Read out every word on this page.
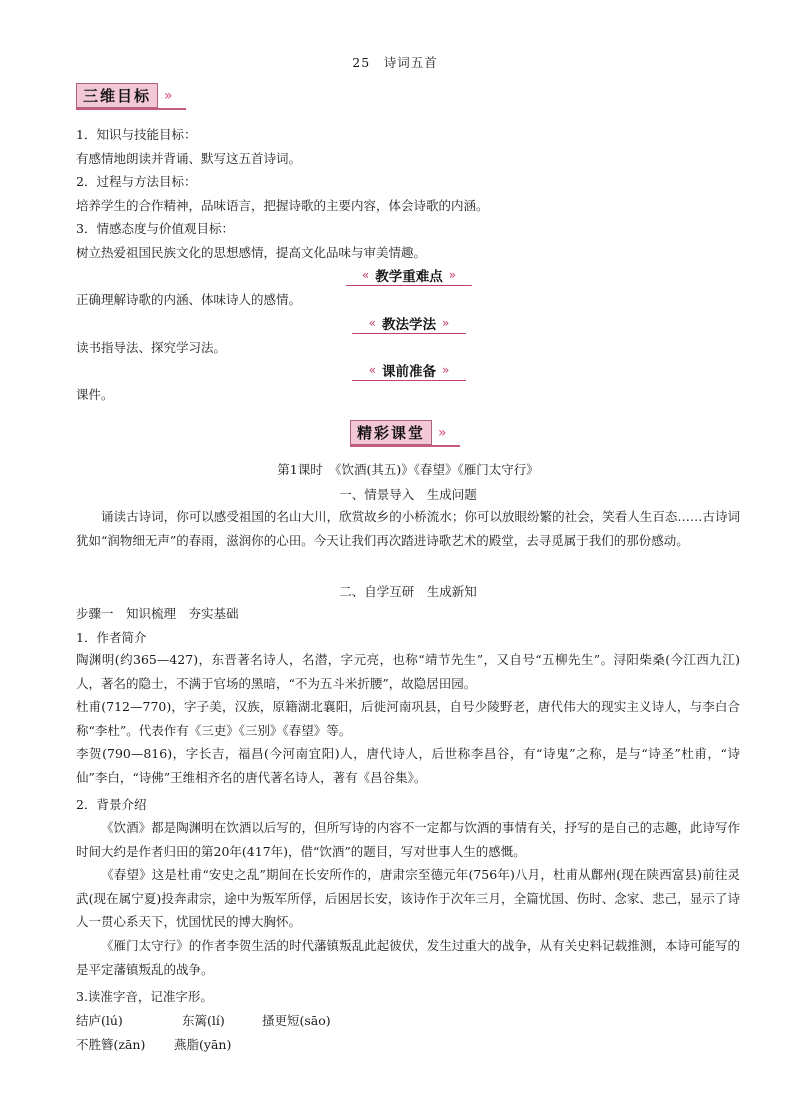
25　诗词五首
三维目标 »
1．知识与技能目标：
有感情地朗读并背诵、默写这五首诗词。
2．过程与方法目标：
培养学生的合作精神，品味语言，把握诗歌的主要内容，体会诗歌的内涵。
3．情感态度与价值观目标：
树立热爱祖国民族文化的思想感情，提高文化品味与审美情趣。
« 教学重难点 »
正确理解诗歌的内涵、体味诗人的感情。
« 教法学法 »
读书指导法、探究学习法。
« 课前准备 »
课件。
精彩课堂 »
第1课时　《饮酒(其五)》《春望》《雁门太守行》
一、情景导入　生成问题
诵读古诗词，你可以感受祖国的名山大川，欣赏故乡的小桥流水；你可以放眼纷繁的社会，笑看人生百态……古诗词犹如“润物细无声”的春雨，滋润你的心田。今天让我们再次踏进诗歌艺术的殿堂，去寻觅属于我们的那份感动。
二、自学互研　生成新知
步骤一　知识梳理　夯实基础
1．作者简介
陶渊明(约365—427)，东晋著名诗人，名潜，字元亮，也称“靖节先生”，又自号“五柳先生”。浔阳柴桑(今江西九江)人，著名的隐士，不满于官场的黑暗，“不为五斗米折腰”，故隐居田园。
杜甫(712—770)，字子美，汉族，原籍湖北襄阳，后徙河南巩县，自号少陵野老，唐代伟大的现实主义诗人，与李白合称“李杜”。代表作有《三吏》《三别》《春望》等。
李贺(790—816)，字长吉，福昌(今河南宜阳)人，唐代诗人，后世称李昌谷，有“诗鬼”之称，是与“诗圣”杜甫，“诗仙”李白，“诗佛”王维相齐名的唐代著名诗人，著有《昌谷集》。
2．背景介绍
《饮酒》都是陶渊明在饮酒以后写的，但所写诗的内容不一定都与饮酒的事情有关，抒写的是自己的志趣，此诗写作时间大约是作者归田的第20年(417年)，借“饮酒”的题目，写对世事人生的感慨。
《春望》这是杜甫“安史之乱”期间在长安所作的，唐肃宗至德元年(756年)八月，杜甫从鄜州(现在陕西富县)前往灵武(现在属宁夏)投奔肃宗，途中为叛军所俘，后困居长安，该诗作于次年三月，全篇忧国、伤时、念家、悲己，显示了诗人一贯心系天下，忧国忧民的博大胸怀。
《雁门太守行》的作者李贺生活的时代藩镇叛乱此起彼伏，发生过重大的战争，从有关史料记载推测，本诗可能写的是平定藩镇叛乱的战争。
3.读准字音，记准字形。
结庐(lú)	东篱(lí)	搔更短(sāo)
不胜簪(zān) 燕脂(yān)
